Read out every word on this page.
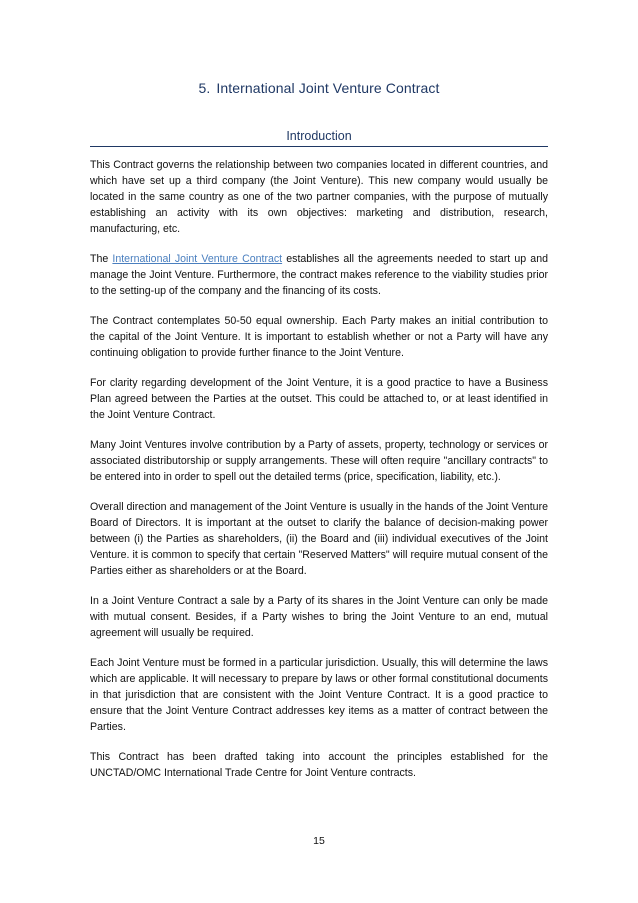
5. International Joint Venture Contract
Introduction

This Contract governs the relationship between two companies located in different countries, and which have set up a third company (the Joint Venture). This new company would usually be located in the same country as one of the two partner companies, with the purpose of mutually establishing an activity with its own objectives: marketing and distribution, research, manufacturing, etc.

The International Joint Venture Contract establishes all the agreements needed to start up and manage the Joint Venture. Furthermore, the contract makes reference to the viability studies prior to the setting-up of the company and the financing of its costs.

The Contract contemplates 50-50 equal ownership. Each Party makes an initial contribution to the capital of the Joint Venture. It is important to establish whether or not a Party will have any continuing obligation to provide further finance to the Joint Venture.

For clarity regarding development of the Joint Venture, it is a good practice to have a Business Plan agreed between the Parties at the outset. This could be attached to, or at least identified in the Joint Venture Contract.

Many Joint Ventures involve contribution by a Party of assets, property, technology or services or associated distributorship or supply arrangements. These will often require "ancillary contracts" to be entered into in order to spell out the detailed terms (price, specification, liability, etc.).

Overall direction and management of the Joint Venture is usually in the hands of the Joint Venture Board of Directors. It is important at the outset to clarify the balance of decision-making power between (i) the Parties as shareholders, (ii) the Board and (iii) individual executives of the Joint Venture. it is common to specify that certain "Reserved Matters" will require mutual consent of the Parties either as shareholders or at the Board.

In a Joint Venture Contract a sale by a Party of its shares in the Joint Venture can only be made with mutual consent. Besides, if a Party wishes to bring the Joint Venture to an end, mutual agreement will usually be required.

Each Joint Venture must be formed in a particular jurisdiction. Usually, this will determine the laws which are applicable. It will necessary to prepare by laws or other formal constitutional documents in that jurisdiction that are consistent with the Joint Venture Contract. It is a good practice to ensure that the Joint Venture Contract addresses key items as a matter of contract between the Parties.

This Contract has been drafted taking into account the principles established for the UNCTAD/OMC International Trade Centre for Joint Venture contracts.

15
